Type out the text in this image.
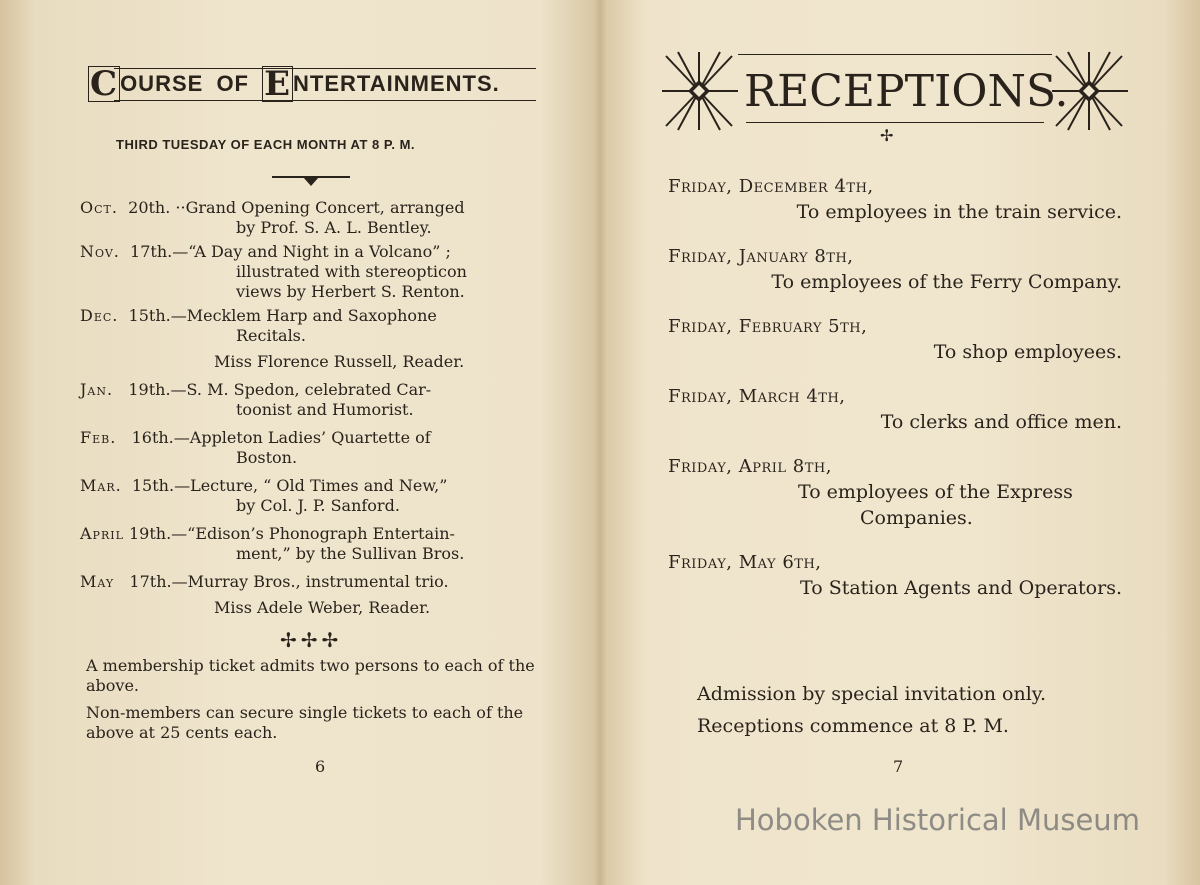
COURSE OF ENTERTAINMENTS.
THIRD TUESDAY OF EACH MONTH AT 8 P. M.
Oct. 20th. ··Grand Opening Concert, arranged
by Prof. S. A. L. Bentley.
Nov. 17th.—“A Day and Night in a Volcano” ;
illustrated with stereopticon
views by Herbert S. Renton.
Dec. 15th.—Mecklem Harp and Saxophone
Recitals.
Miss Florence Russell, Reader.
Jan. 19th.—S. M. Spedon, celebrated Car-
toonist and Humorist.
Feb. 16th.—Appleton Ladies’ Quartette of
Boston.
Mar. 15th.—Lecture, “ Old Times and New,”
by Col. J. P. Sanford.
April 19th.—“Edison’s Phonograph Entertain-
ment,” by the Sullivan Bros.
May 17th.—Murray Bros., instrumental trio.
Miss Adele Weber, Reader.
✢✢✢
A membership ticket admits two persons to each of the above.
Non-members can secure single tickets to each of the above at 25 cents each.
6
RECEPTIONS.
✢
Friday, December 4th,
To employees in the train service.
Friday, January 8th,
To employees of the Ferry Company.
Friday, February 5th,
To shop employees.
Friday, March 4th,
To clerks and office men.
Friday, April 8th,
To employees of the Express
Companies.
Friday, May 6th,
To Station Agents and Operators.
Admission by special invitation only.
Receptions commence at 8 P. M.
7
Hoboken Historical Museum
